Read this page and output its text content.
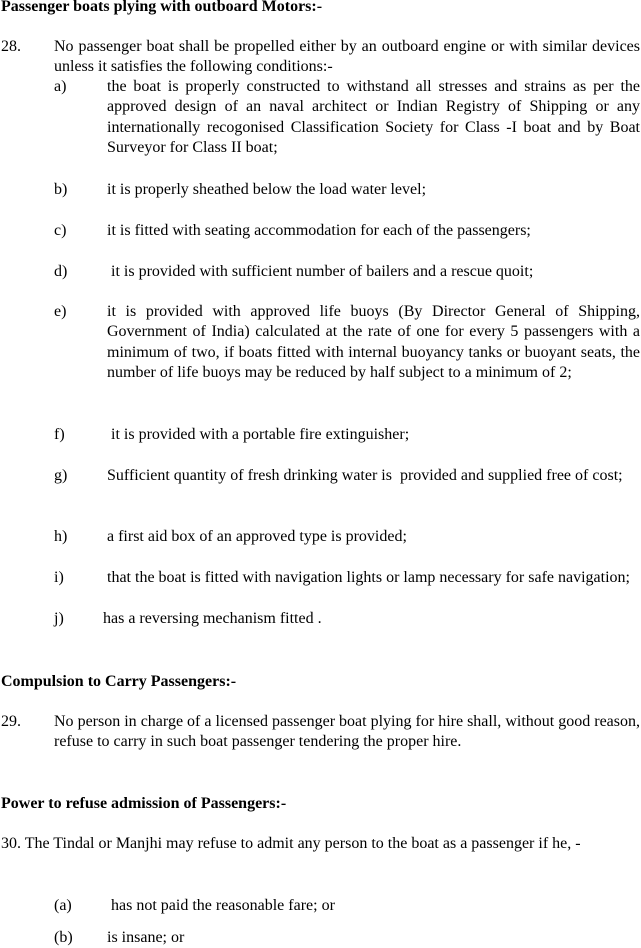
Passenger boats plying with outboard Motors:-
28. No passenger boat shall be propelled either by an outboard engine or with similar devices unless it satisfies the following conditions:-
a)	the boat is properly constructed to withstand all stresses and strains as per the approved design of an naval architect or Indian Registry of Shipping or any internationally recogonised Classification Society for Class -I boat and by Boat Surveyor for Class II boat;
b) it is properly sheathed below the load water level;
c)	it is fitted with seating accommodation for each of the passengers;
d) it is provided with sufficient number of bailers and a rescue quoit;
e)	it is provided with approved life buoys (By Director General of Shipping, Government of India) calculated at the rate of one for every 5 passengers with a minimum of two, if boats fitted with internal buoyancy tanks or buoyant seats, the number of life buoys may be reduced by half subject to a minimum of 2;
f)	it is provided with a portable fire extinguisher;
g) Sufficient quantity of fresh drinking water is  provided and supplied free of cost;
h) a first aid box of an approved type is provided;
i)	that the boat is fitted with navigation lights or lamp necessary for safe navigation;
j) has a reversing mechanism fitted .
Compulsion to Carry Passengers:-
29. No person in charge of a licensed passenger boat plying for hire shall, without good reason, refuse to carry in such boat passenger tendering the proper hire.
Power to refuse admission of Passengers:-
30. The Tindal or Manjhi may refuse to admit any person to the boat as a passenger if he, -
(a) has not paid the reasonable fare; or
(b) is insane; or
